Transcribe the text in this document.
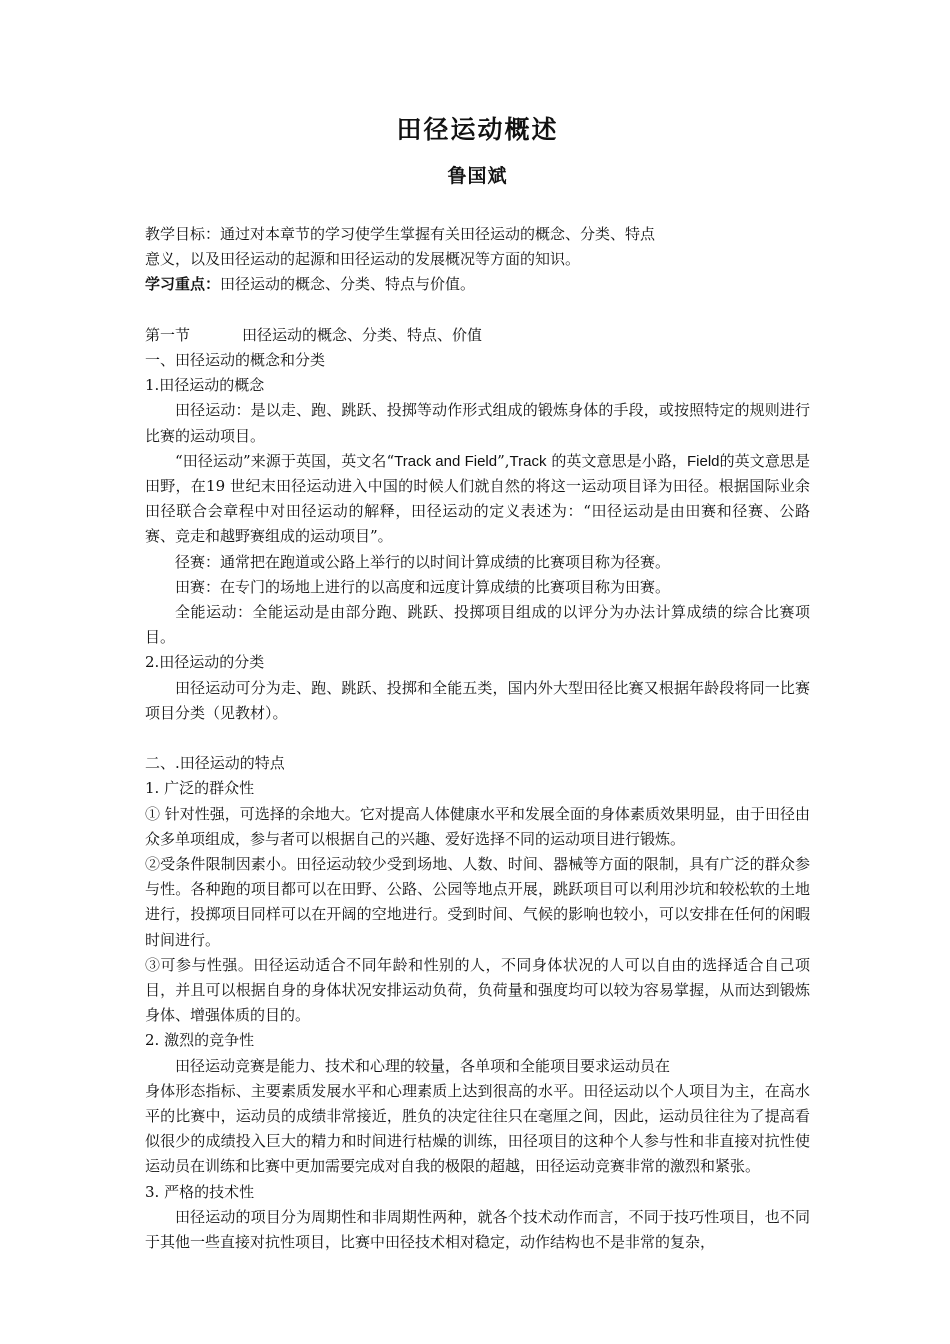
田径运动概述
鲁国斌

教学目标：通过对本章节的学习使学生掌握有关田径运动的概念、分类、特点

意义，以及田径运动的起源和田径运动的发展概况等方面的知识。

学习重点：田径运动的概念、分类、特点与价值。

第一节	田径运动的概念、分类、特点、价值

一、田径运动的概念和分类

1.田径运动的概念

田径运动：是以走、跑、跳跃、投掷等动作形式组成的锻炼身体的手段，或按照特定的规则进行比赛的运动项目。

“田径运动”来源于英国，英文名“Track and Field”,Track 的英文意思是小路，Field的英文意思是田野，在19 世纪末田径运动进入中国的时候人们就自然的将这一运动项目译为田径。根据国际业余田径联合会章程中对田径运动的解释，田径运动的定义表述为：“田径运动是由田赛和径赛、公路赛、竞走和越野赛组成的运动项目”。

径赛：通常把在跑道或公路上举行的以时间计算成绩的比赛项目称为径赛。

田赛：在专门的场地上进行的以高度和远度计算成绩的比赛项目称为田赛。

全能运动：全能运动是由部分跑、跳跃、投掷项目组成的以评分为办法计算成绩的综合比赛项目。

2.田径运动的分类

田径运动可分为走、跑、跳跃、投掷和全能五类，国内外大型田径比赛又根据年龄段将同一比赛项目分类（见教材）。

二、.田径运动的特点

1. 广泛的群众性

① 针对性强，可选择的余地大。它对提高人体健康水平和发展全面的身体素质效果明显，由于田径由众多单项组成，参与者可以根据自己的兴趣、爱好选择不同的运动项目进行锻炼。

②受条件限制因素小。田径运动较少受到场地、人数、时间、器械等方面的限制，具有广泛的群众参与性。各种跑的项目都可以在田野、公路、公园等地点开展，跳跃项目可以利用沙坑和较松软的土地进行，投掷项目同样可以在开阔的空地进行。受到时间、气候的影响也较小，可以安排在任何的闲暇时间进行。

③可参与性强。田径运动适合不同年龄和性别的人，不同身体状况的人可以自由的选择适合自己项目，并且可以根据自身的身体状况安排运动负荷，负荷量和强度均可以较为容易掌握，从而达到锻炼身体、增强体质的目的。

2. 激烈的竞争性

田径运动竞赛是能力、技术和心理的较量，各单项和全能项目要求运动员在

身体形态指标、主要素质发展水平和心理素质上达到很高的水平。田径运动以个人项目为主，在高水平的比赛中，运动员的成绩非常接近，胜负的决定往往只在毫厘之间，因此，运动员往往为了提高看似很少的成绩投入巨大的精力和时间进行枯燥的训练，田径项目的这种个人参与性和非直接对抗性使运动员在训练和比赛中更加需要完成对自我的极限的超越，田径运动竞赛非常的激烈和紧张。

3. 严格的技术性

田径运动的项目分为周期性和非周期性两种，就各个技术动作而言，不同于技巧性项目，也不同于其他一些直接对抗性项目，比赛中田径技术相对稳定，动作结构也不是非常的复杂，
